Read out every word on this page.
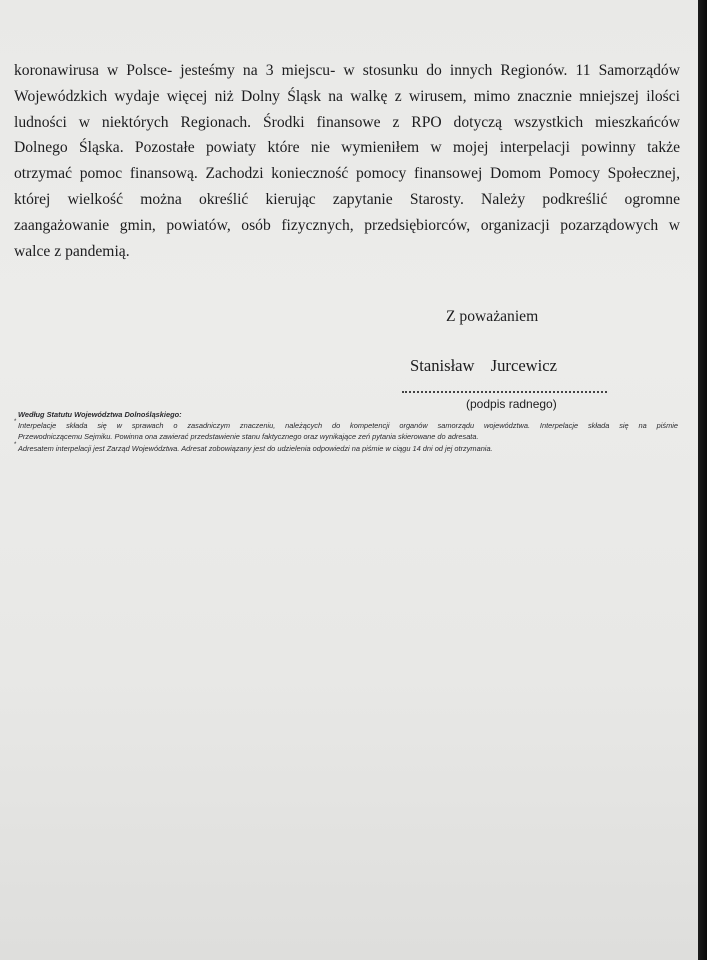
koronawirusa w Polsce- jesteśmy na 3 miejscu- w stosunku do innych Regionów. 11 Samorządów
Wojewódzkich wydaje więcej niż Dolny Śląsk na walkę z wirusem, mimo znacznie mniejszej ilości
ludności w niektórych Regionach. Środki finansowe z RPO dotyczą wszystkich mieszkańców
Dolnego Śląska. Pozostałe powiaty które nie wymieniłem w mojej interpelacji powinny także
otrzymać pomoc finansową. Zachodzi konieczność pomocy finansowej Domom Pomocy Społecznej,
której wielkość można określić kierując zapytanie Starosty. Należy podkreślić ogromne
zaangażowanie gmin, powiatów, osób fizycznych, przedsiębiorców, organizacji pozarządowych w
walce z pandemią.
Z poważaniem
Stanisław Jurcewicz
(podpis radnego)
Według Statutu Województwa Dolnośląskiego:
* Interpelacje składa się w sprawach o zasadniczym znaczeniu, należących do kompetencji organów samorządu województwa. Interpelacje składa się na piśmie
Przewodniczącemu Sejmiku. Powinna ona zawierać przedstawienie stanu faktycznego oraz wynikające zeń pytania skierowane do adresata.
* Adresatem interpelacji jest Zarząd Województwa. Adresat zobowiązany jest do udzielenia odpowiedzi na piśmie w ciągu 14 dni od jej otrzymania.
